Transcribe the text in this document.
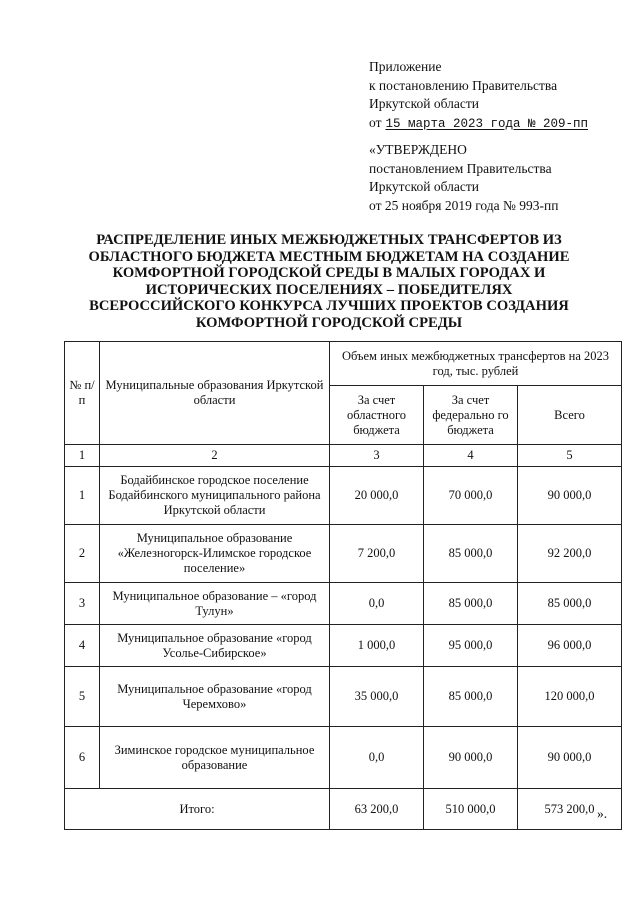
Приложение
к постановлению Правительства
Иркутской области
от 15 марта 2023 года № 209-пп
«УТВЕРЖДЕНО
постановлением Правительства
Иркутской области
от 25 ноября 2019 года № 993-пп
РАСПРЕДЕЛЕНИЕ ИНЫХ МЕЖБЮДЖЕТНЫХ ТРАНСФЕРТОВ ИЗ
ОБЛАСТНОГО БЮДЖЕТА МЕСТНЫМ БЮДЖЕТАМ НА СОЗДАНИЕ
КОМФОРТНОЙ ГОРОДСКОЙ СРЕДЫ В МАЛЫХ ГОРОДАХ И
ИСТОРИЧЕСКИХ ПОСЕЛЕНИЯХ – ПОБЕДИТЕЛЯХ
ВСЕРОССИЙСКОГО КОНКУРСА ЛУЧШИХ ПРОЕКТОВ СОЗДАНИЯ
КОМФОРТНОЙ ГОРОДСКОЙ СРЕДЫ
№ п/п	Муниципальные образования Иркутской области	Объем иных межбюджетных трансфертов на 2023 год, тыс. рублей		
		За счет областного бюджета	За счет федерально го бюджета	Всего
1	2	3	4	5
1	Бодайбинское городское поселение Бодайбинского муниципального района Иркутской области	20 000,0	70 000,0	90 000,0
2	Муниципальное образование «Железногорск-Илимское городское поселение»	7 200,0	85 000,0	92 200,0
3	Муниципальное образование – «город Тулун»	0,0	85 000,0	85 000,0
4	Муниципальное образование «город Усолье-Сибирское»	1 000,0	95 000,0	96 000,0
5	Муниципальное образование «город Черемхово»	35 000,0	85 000,0	120 000,0
6	Зиминское городское муниципальное образование	0,0	90 000,0	90 000,0
Итого:		63 200,0	510 000,0	573 200,0 ».
